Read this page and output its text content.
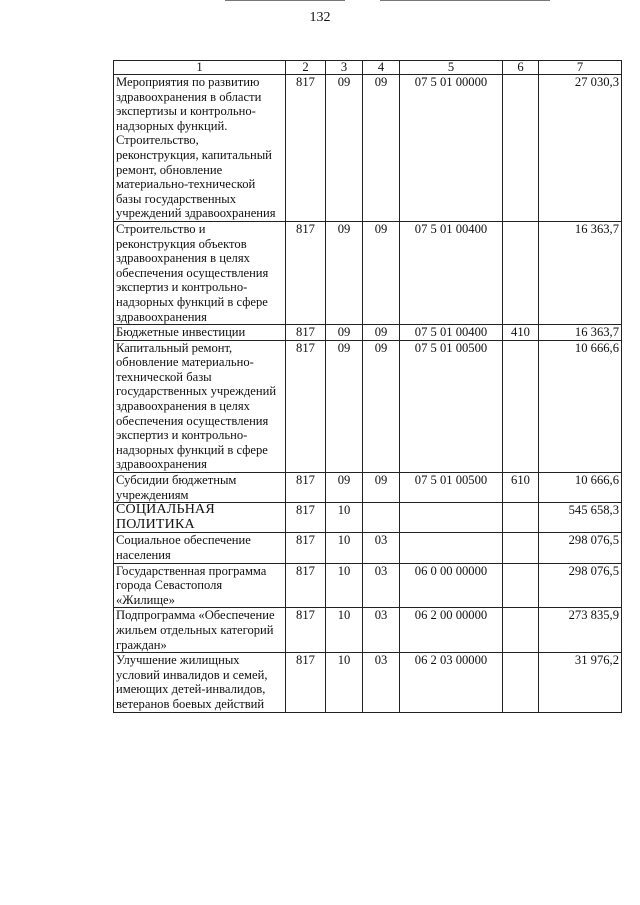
132
1	2	3	4	5	6	7
Мероприятия по развитию здравоохранения в области экспертизы и контрольно-надзорных функций. Строительство, реконструкция, капитальный ремонт, обновление материально-технической базы государственных учреждений здравоохранения	817	09	09	07 5 01 00000		27 030,3
Строительство и реконструкция объектов здравоохранения в целях обеспечения осуществления экспертиз и контрольно-надзорных функций в сфере здравоохранения	817	09	09	07 5 01 00400		16 363,7
Бюджетные инвестиции	817	09	09	07 5 01 00400	410	16 363,7
Капитальный ремонт, обновление материально-технической базы государственных учреждений здравоохранения в целях обеспечения осуществления экспертиз и контрольно-надзорных функций в сфере здравоохранения	817	09	09	07 5 01 00500		10 666,6
Субсидии бюджетным учреждениям	817	09	09	07 5 01 00500	610	10 666,6
СОЦИАЛЬНАЯ ПОЛИТИКА	817	10				545 658,3
Социальное обеспечение населения	817	10	03			298 076,5
Государственная программа города Севастополя «Жилище»	817	10	03	06 0 00 00000		298 076,5
Подпрограмма «Обеспечение жильем отдельных категорий граждан»	817	10	03	06 2 00 00000		273 835,9
Улучшение жилищных условий инвалидов и семей, имеющих детей-инвалидов, ветеранов боевых действий	817	10	03	06 2 03 00000		31 976,2
